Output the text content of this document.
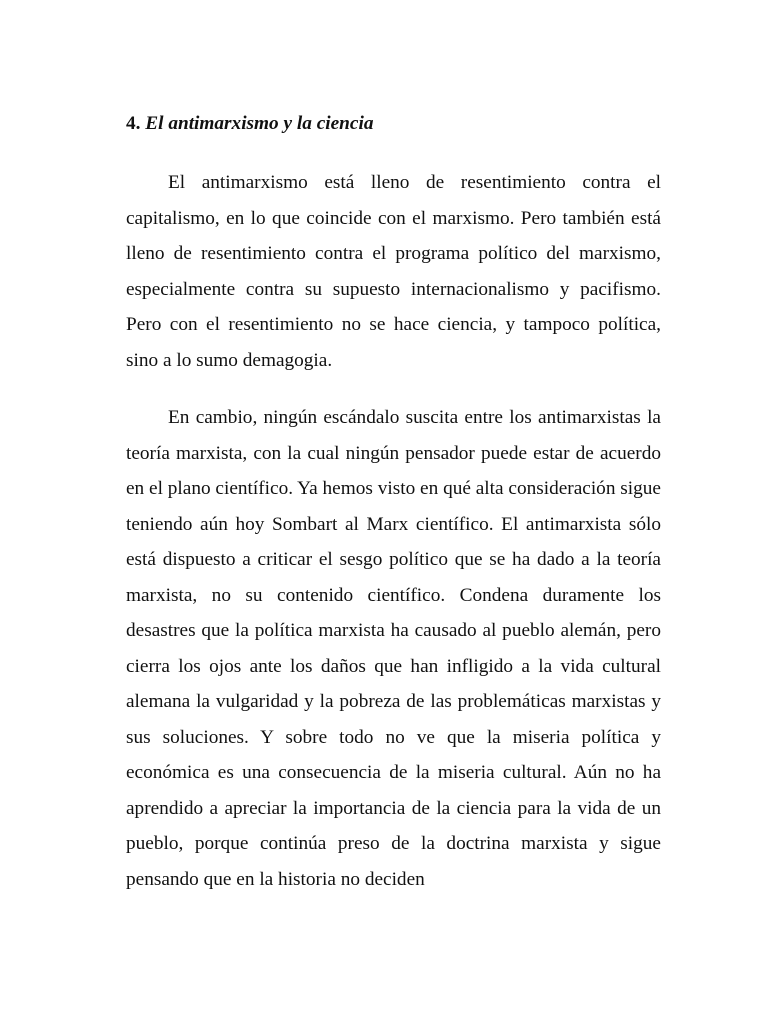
4. El antimarxismo y la ciencia

El antimarxismo está lleno de resentimiento contra el capitalismo, en lo que coincide con el marxismo. Pero también está lleno de resentimiento contra el programa político del marxismo, especialmente contra su supuesto internacionalismo y pacifismo. Pero con el resentimiento no se hace ciencia, y tampoco política, sino a lo sumo demagogia.

En cambio, ningún escándalo suscita entre los antimarxistas la teoría marxista, con la cual ningún pensador puede estar de acuerdo en el plano científico. Ya hemos visto en qué alta consideración sigue teniendo aún hoy Sombart al Marx científico. El antimarxista sólo está dispuesto a criticar el sesgo político que se ha dado a la teoría marxista, no su contenido científico. Condena duramente los desastres que la política marxista ha causado al pueblo alemán, pero cierra los ojos ante los daños que han infligido a la vida cultural alemana la vulgaridad y la pobreza de las problemáticas marxistas y sus soluciones. Y sobre todo no ve que la miseria política y económica es una consecuencia de la miseria cultural. Aún no ha aprendido a apreciar la importancia de la ciencia para la vida de un pueblo, porque continúa preso de la doctrina marxista y sigue pensando que en la historia no deciden
